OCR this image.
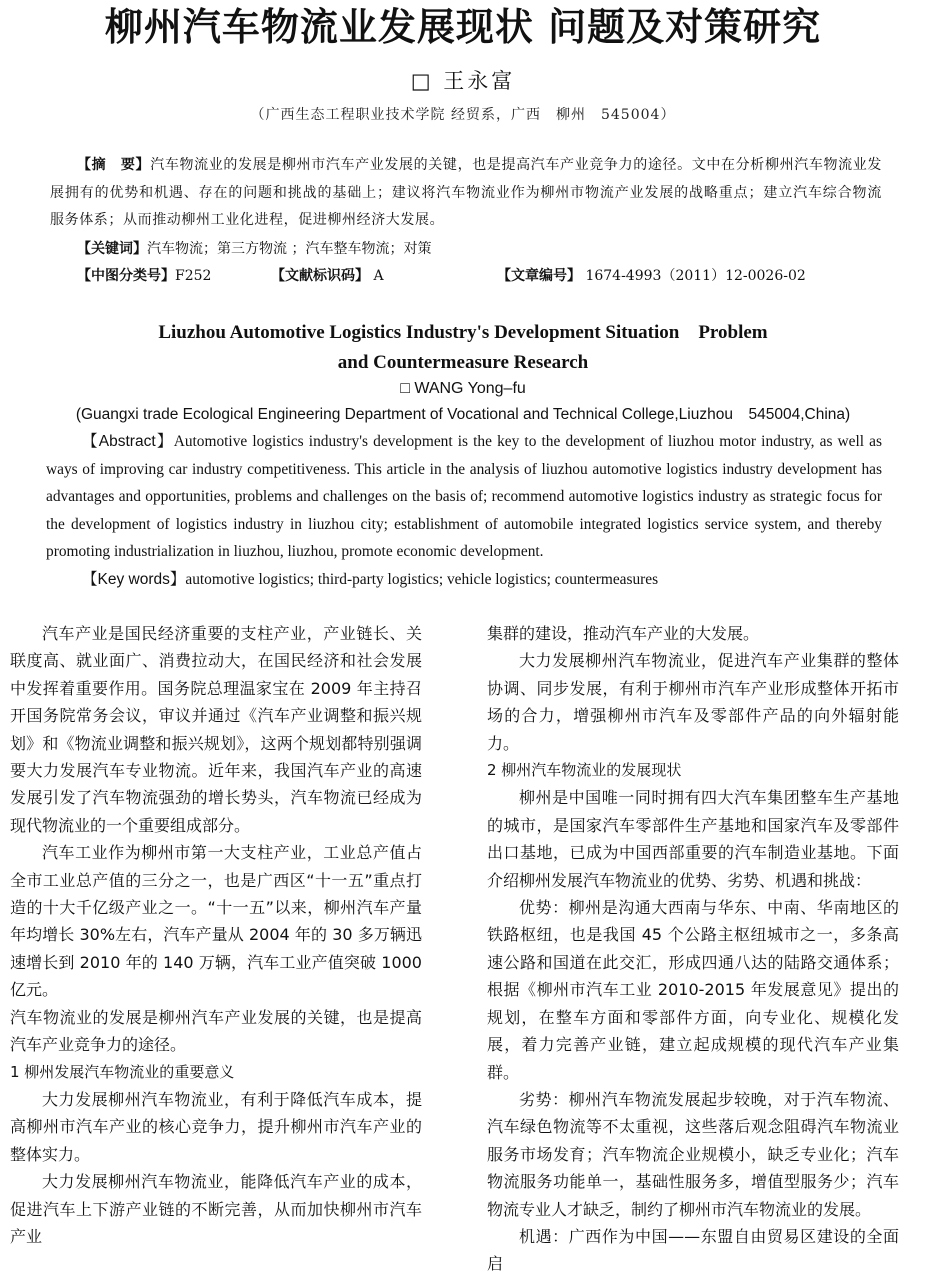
柳州汽车物流业发展现状 问题及对策研究
□ 王永富
（广西生态工程职业技术学院 经贸系，广西　柳州　545004）
【摘　要】汽车物流业的发展是柳州市汽车产业发展的关键，也是提高汽车产业竞争力的途径。文中在分析柳州汽车物流业发展拥有的优势和机遇、存在的问题和挑战的基础上；建议将汽车物流业作为柳州市物流产业发展的战略重点；建立汽车综合物流服务体系；从而推动柳州工业化进程，促进柳州经济大发展。
【关键词】汽车物流；第三方物流 ；汽车整车物流；对策
【中图分类号】F252	【文献标识码】 A	【文章编号】 1674-4993（2011）12-0026-02
Liuzhou Automotive Logistics Industry's Development Situation　Problem
and Countermeasure Research
□ WANG Yong–fu
(Guangxi trade Ecological Engineering Department of Vocational and Technical College,Liuzhou　545004,China)
【Abstract】Automotive logistics industry's development is the key to the development of liuzhou motor industry, as well as ways of improving car industry competitiveness. This article in the analysis of liuzhou automotive logistics industry development has advantages and opportunities, problems and challenges on the basis of; recommend automotive logistics industry as strategic focus for the development of logistics industry in liuzhou city; establishment of automobile integrated logistics service system, and thereby promoting industrialization in liuzhou, liuzhou, promote economic development.
【Key words】automotive logistics; third-party logistics; vehicle logistics; countermeasures

汽车产业是国民经济重要的支柱产业，产业链长、关联度高、就业面广、消费拉动大，在国民经济和社会发展中发挥着重要作用。国务院总理温家宝在 2009 年主持召开国务院常务会议，审议并通过《汽车产业调整和振兴规划》和《物流业调整和振兴规划》，这两个规划都特别强调要大力发展汽车专业物流。近年来，我国汽车产业的高速发展引发了汽车物流强劲的增长势头，汽车物流已经成为现代物流业的一个重要组成部分。

汽车工业作为柳州市第一大支柱产业，工业总产值占全市工业总产值的三分之一，也是广西区“十一五”重点打造的十大千亿级产业之一。“十一五”以来，柳州汽车产量年均增长 30%左右，汽车产量从 2004 年的 30 多万辆迅速增长到 2010 年的 140 万辆，汽车工业产值突破 1000 亿元。

汽车物流业的发展是柳州汽车产业发展的关键，也是提高汽车产业竞争力的途径。

1 柳州发展汽车物流业的重要意义

大力发展柳州汽车物流业，有利于降低汽车成本，提高柳州市汽车产业的核心竞争力，提升柳州市汽车产业的整体实力。

大力发展柳州汽车物流业，能降低汽车产业的成本，促进汽车上下游产业链的不断完善，从而加快柳州市汽车产业

集群的建设，推动汽车产业的大发展。

大力发展柳州汽车物流业，促进汽车产业集群的整体协调、同步发展，有利于柳州市汽车产业形成整体开拓市场的合力，增强柳州市汽车及零部件产品的向外辐射能力。

2 柳州汽车物流业的发展现状

柳州是中国唯一同时拥有四大汽车集团整车生产基地的城市，是国家汽车零部件生产基地和国家汽车及零部件出口基地，已成为中国西部重要的汽车制造业基地。下面介绍柳州发展汽车物流业的优势、劣势、机遇和挑战：

优势：柳州是沟通大西南与华东、中南、华南地区的铁路枢纽，也是我国 45 个公路主枢纽城市之一，多条高速公路和国道在此交汇，形成四通八达的陆路交通体系；根据《柳州市汽车工业 2010-2015 年发展意见》提出的规划，在整车方面和零部件方面，向专业化、规模化发展，着力完善产业链，建立起成规模的现代汽车产业集群。

劣势：柳州汽车物流发展起步较晚，对于汽车物流、汽车绿色物流等不太重视，这些落后观念阻碍汽车物流业服务市场发育；汽车物流企业规模小，缺乏专业化；汽车物流服务功能单一，基础性服务多，增值型服务少；汽车物流专业人才缺乏，制约了柳州市汽车物流业的发展。

机遇：广西作为中国——东盟自由贸易区建设的全面启
